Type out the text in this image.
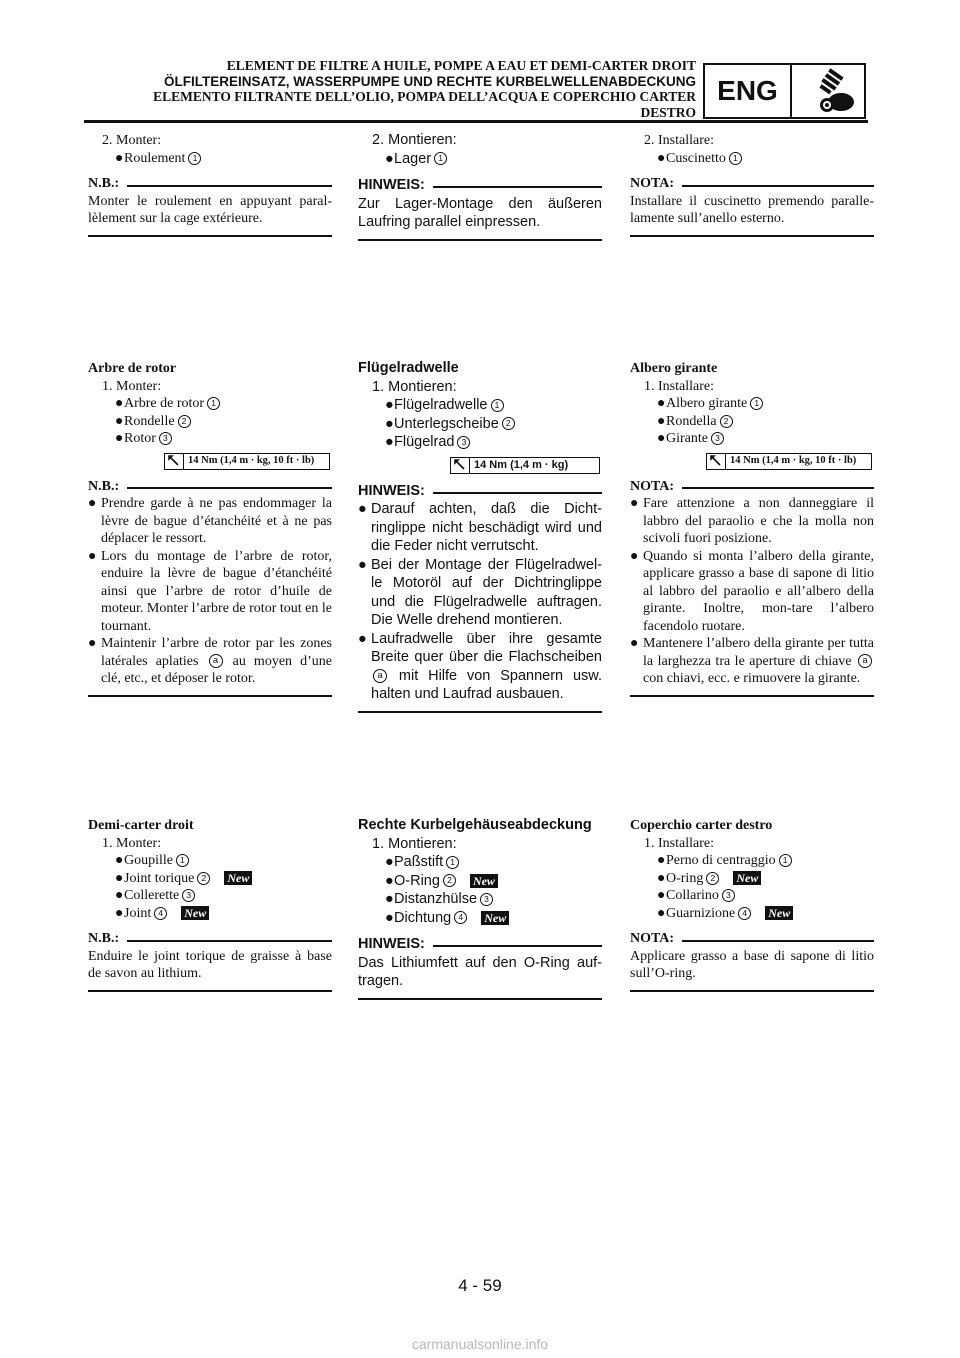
ELEMENT DE FILTRE A HUILE, POMPE A EAU ET DEMI-CARTER DROIT
ÖLFILTEREINSATZ, WASSERPUMPE UND RECHTE KURBELWELLENABDECKUNG
ELEMENTO FILTRANTE DELL’OLIO, POMPA DELL’ACQUA E COPERCHIO CARTER
DESTRO
ENG
2. Monter:
● Roulement 1
N.B.:
Monter le roulement en appuyant paral-lèlement sur la cage extérieure.
2. Montieren:
● Lager 1
HINWEIS:
Zur Lager-Montage den äußeren Laufring parallel einpressen.
2. Installare:
● Cuscinetto 1
NOTA:
Installare il cuscinetto premendo paralle-lamente sull’anello esterno.
Arbre de rotor
1. Monter:
● Arbre de rotor 1
● Rondelle 2
● Rotor 3
14 Nm (1,4 m · kg, 10 ft · lb)
N.B.:
● Prendre garde à ne pas endommager la lèvre de bague d’étanchéité et à ne pas déplacer le ressort.
● Lors du montage de l’arbre de rotor, enduire la lèvre de bague d’étanchéité ainsi que l’arbre de rotor d’huile de moteur. Monter l’arbre de rotor tout en le tournant.
● Maintenir l’arbre de rotor par les zones latérales aplaties a au moyen d’une clé, etc., et déposer le rotor.
Flügelradwelle
1. Montieren:
● Flügelradwelle 1
● Unterlegscheibe 2
● Flügelrad 3
14 Nm (1,4 m · kg)
HINWEIS:
● Darauf achten, daß die Dicht-ringlippe nicht beschädigt wird und die Feder nicht verrutscht.
● Bei der Montage der Flügelradwel-le Motoröl auf der Dichtringlippe und die Flügelradwelle auftragen. Die Welle drehend montieren.
● Laufradwelle über ihre gesamte Breite quer über die Flachscheiben a mit Hilfe von Spannern usw. halten und Laufrad ausbauen.
Albero girante
1. Installare:
● Albero girante 1
● Rondella 2
● Girante 3
14 Nm (1,4 m · kg, 10 ft · lb)
NOTA:
● Fare attenzione a non danneggiare il labbro del paraolio e che la molla non scivoli fuori posizione.
● Quando si monta l’albero della girante, applicare grasso a base di sapone di litio al labbro del paraolio e all’albero della girante. Inoltre, mon-tare l’albero facendolo ruotare.
● Mantenere l’albero della girante per tutta la larghezza tra le aperture di chiave a con chiavi, ecc. e rimuovere la girante.
Demi-carter droit
1. Monter:
● Goupille 1
● Joint torique 2 New
● Collerette 3
● Joint 4 New
N.B.:
Enduire le joint torique de graisse à base de savon au lithium.
Rechte Kurbelgehäuseabdeckung
1. Montieren:
● Paßstift 1
● O-Ring 2 New
● Distanzhülse 3
● Dichtung 4 New
HINWEIS:
Das Lithiumfett auf den O-Ring auf-tragen.
Coperchio carter destro
1. Installare:
● Perno di centraggio 1
● O-ring 2 New
● Collarino 3
● Guarnizione 4 New
NOTA:
Applicare grasso a base di sapone di litio sull’O-ring.
4 - 59
carmanualsonline.info
